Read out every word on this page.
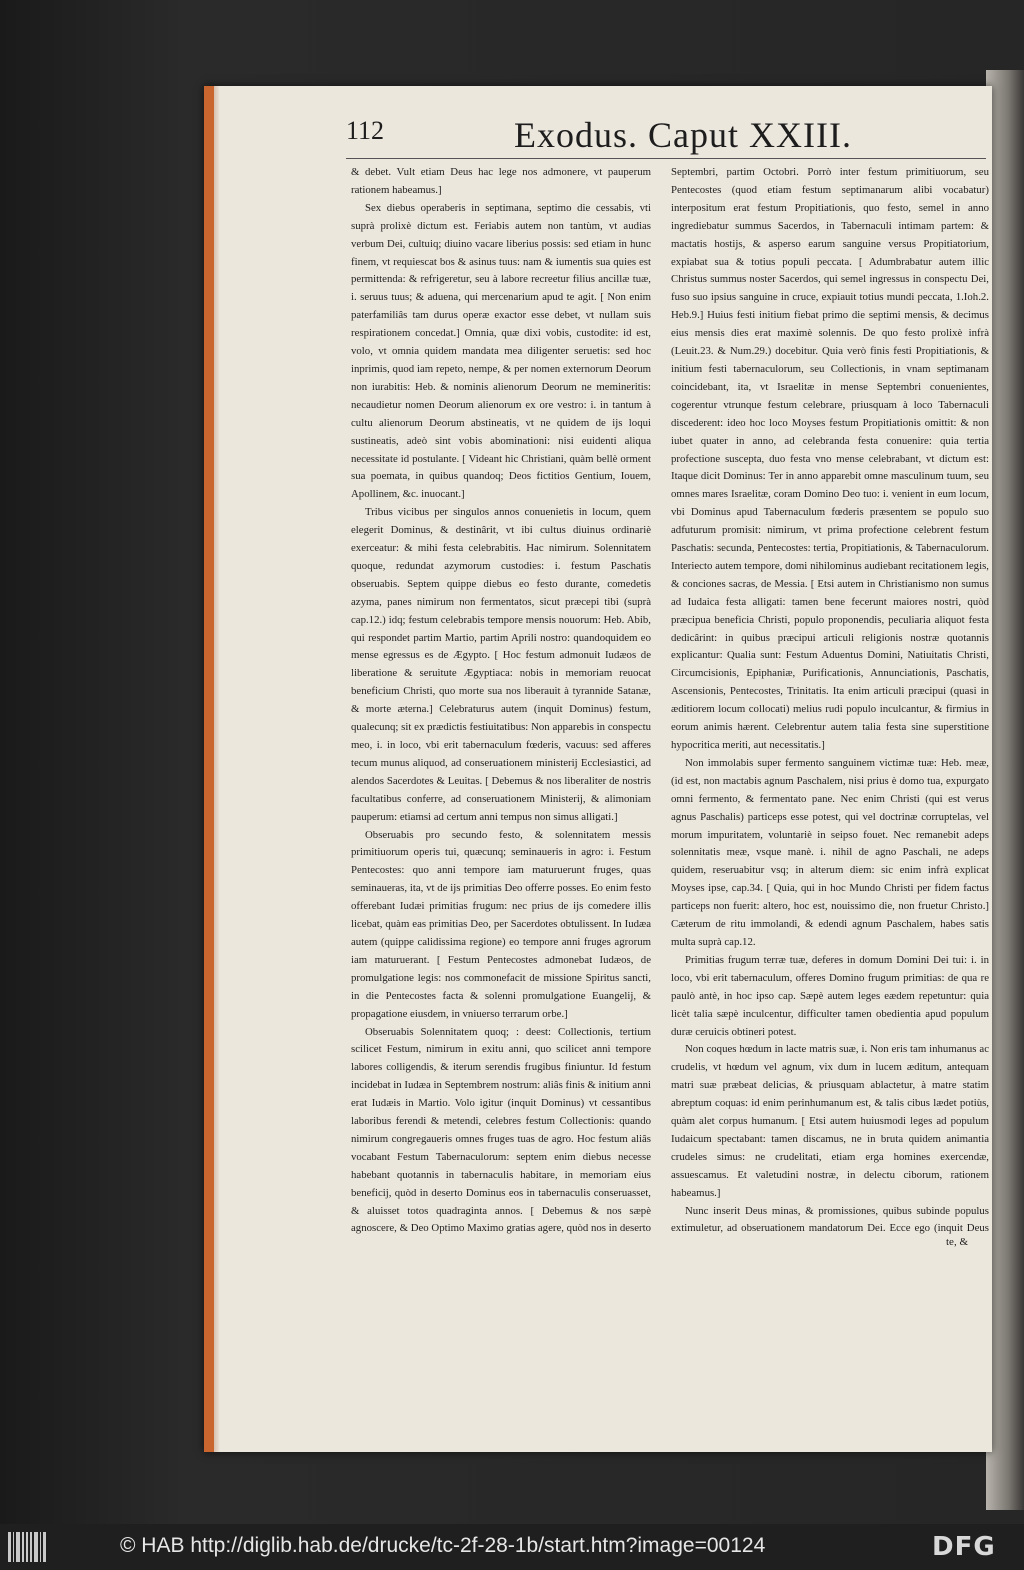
112	Exodus. Caput XXIII.

& debet. Vult etiam Deus hac lege nos admonere, vt pauperum rationem habeamus.]

Sex diebus operaberis in septimana, septimo die cessabis, vti suprà prolixè dictum est. Feriabis autem non tantùm, vt audias verbum Dei, cultuiq; diuino vacare liberius possis: sed etiam in hunc finem, vt requiescat bos & asinus tuus: nam & iumentis sua quies est permittenda: & refrigeretur, seu à labore recreetur filius ancillæ tuæ, i. seruus tuus; & aduena, qui mercenarium apud te agit. [ Non enim paterfamiliâs tam durus operæ exactor esse debet, vt nullam suis respirationem concedat.] Omnia, quæ dixi vobis, custodite: id est, volo, vt omnia quidem mandata mea diligenter seruetis: sed hoc inprimis, quod iam repeto, nempe, & per nomen externorum Deorum non iurabitis: Heb. & nominis alienorum Deorum ne memineritis: necaudietur nomen Deorum alienorum ex ore vestro: i. in tantum à cultu alienorum Deorum abstineatis, vt ne quidem de ijs loqui sustineatis, adeò sint vobis abominationi: nisi euidenti aliqua necessitate id postulante. [ Videant hic Christiani, quàm bellè orment sua poemata, in quibus quandoq; Deos fictitios Gentium, Iouem, Apollinem, &c. inuocant.]

Tribus vicibus per singulos annos conuenietis in locum, quem elegerit Dominus, & destinârit, vt ibi cultus diuinus ordinariè exerceatur: & mihi festa celebrabitis. Hac nimirum. Solennitatem quoque, redundat azymorum custodies: i. festum Paschatis obseruabis. Septem quippe diebus eo festo durante, comedetis azyma, panes nimirum non fermentatos, sicut præcepi tibi (suprà cap.12.) idq; festum celebrabis tempore mensis nouorum: Heb. Abib, qui respondet partim Martio, partim Aprili nostro: quandoquidem eo mense egressus es de Ægypto. [ Hoc festum admonuit Iudæos de liberatione & seruitute Ægyptiaca: nobis in memoriam reuocat beneficium Christi, quo morte sua nos liberauit à tyrannide Satanæ, & morte æterna.] Celebraturus autem (inquit Dominus) festum, qualecunq; sit ex prædictis festiuitatibus: Non apparebis in conspectu meo, i. in loco, vbi erit tabernaculum fœderis, vacuus: sed afferes tecum munus aliquod, ad conseruationem ministerij Ecclesiastici, ad alendos Sacerdotes & Leuitas. [ Debemus & nos liberaliter de nostris facultatibus conferre, ad conseruationem Ministerij, & alimoniam pauperum: etiamsi ad certum anni tempus non simus alligati.]

Obseruabis pro secundo festo, & solennitatem messis primitiuorum operis tui, quæcunq; seminaueris in agro: i. Festum Pentecostes: quo anni tempore iam maturuerunt fruges, quas seminaueras, ita, vt de ijs primitias Deo offerre posses. Eo enim festo offerebant Iudæi primitias frugum: nec prius de ijs comedere illis licebat, quàm eas primitias Deo, per Sacerdotes obtulissent. In Iudæa autem (quippe calidissima regione) eo tempore anni fruges agrorum iam maturuerant. [ Festum Pentecostes admonebat Iudæos, de promulgatione legis: nos commonefacit de missione Spiritus sancti, in die Pentecostes facta & solenni promulgatione Euangelij, & propagatione eiusdem, in vniuerso terrarum orbe.]

Obseruabis Solennitatem quoq; : deest: Collectionis, tertium scilicet Festum, nimirum in exitu anni, quo scilicet anni tempore labores colligendis, & iterum serendis frugibus finiuntur. Id festum incidebat in Iudæa in Septembrem nostrum: aliâs finis & initium anni erat Iudæis in Martio. Volo igitur (inquit Dominus) vt cessantibus laboribus ferendi & metendi, celebres festum Collectionis: quando nimirum congregaueris omnes fruges tuas de agro. Hoc festum aliâs vocabant Festum Tabernaculorum: septem enim diebus necesse habebant quotannis in tabernaculis habitare, in memoriam eius beneficij, quòd in deserto Dominus eos in tabernaculis conseruasset, & aluisset totos quadraginta annos. [ Debemus & nos sæpè agnoscere, & Deo Optimo Maximo gratias agere, quòd nos in deserto

Septembri, partim Octobri. Porrò inter festum primitiuorum, seu Pentecostes (quod etiam festum septimanarum alibi vocabatur) interpositum erat festum Propitiationis, quo festo, semel in anno ingrediebatur summus Sacerdos, in Tabernaculi intimam partem: & mactatis hostijs, & asperso earum sanguine versus Propitiatorium, expiabat sua & totius populi peccata. [ Adumbrabatur autem illic Christus summus noster Sacerdos, qui semel ingressus in conspectu Dei, fuso suo ipsius sanguine in cruce, expiauit totius mundi peccata, 1.Ioh.2. Heb.9.] Huius festi initium fiebat primo die septimi mensis, & decimus eius mensis dies erat maximè solennis. De quo festo prolixè infrà (Leuit.23. & Num.29.) docebitur. Quia verò finis festi Propitiationis, & initium festi tabernaculorum, seu Collectionis, in vnam septimanam coincidebant, ita, vt Israelitæ in mense Septembri conuenientes, cogerentur vtrunque festum celebrare, priusquam à loco Tabernaculi discederent: ideo hoc loco Moyses festum Propitiationis omittit: & non iubet quater in anno, ad celebranda festa conuenire: quia tertia profectione suscepta, duo festa vno mense celebrabant, vt dictum est: Itaque dicit Dominus: Ter in anno apparebit omne masculinum tuum, seu omnes mares Israelitæ, coram Domino Deo tuo: i. venient in eum locum, vbi Dominus apud Tabernaculum fœderis præsentem se populo suo adfuturum promisit: nimirum, vt prima profectione celebrent festum Paschatis: secunda, Pentecostes: tertia, Propitiationis, & Tabernaculorum. Interiecto autem tempore, domi nihilominus audiebant recitationem legis, & conciones sacras, de Messia. [ Etsi autem in Christianismo non sumus ad Iudaica festa alligati: tamen bene fecerunt maiores nostri, quòd præcipua beneficia Christi, populo proponendis, peculiaria aliquot festa dedicârint: in quibus præcipui articuli religionis nostræ quotannis explicantur: Qualia sunt: Festum Aduentus Domini, Natiuitatis Christi, Circumcisionis, Epiphaniæ, Purificationis, Annunciationis, Paschatis, Ascensionis, Pentecostes, Trinitatis. Ita enim articuli præcipui (quasi in æditiorem locum collocati) melius rudi populo inculcantur, & firmius in eorum animis hærent. Celebrentur autem talia festa sine superstitione hypocritica meriti, aut necessitatis.]

Non immolabis super fermento sanguinem victimæ tuæ: Heb. meæ, (id est, non mactabis agnum Paschalem, nisi prius è domo tua, expurgato omni fermento, & fermentato pane. Nec enim Christi (qui est verus agnus Paschalis) particeps esse potest, qui vel doctrinæ corruptelas, vel morum impuritatem, voluntariè in seipso fouet. Nec remanebit adeps solennitatis meæ, vsque manè. i. nihil de agno Paschali, ne adeps quidem, reseruabitur vsq; in alterum diem: sic enim infrà explicat Moyses ipse, cap.34. [ Quia, qui in hoc Mundo Christi per fidem factus particeps non fuerit: altero, hoc est, nouissimo die, non fruetur Christo.] Cæterum de ritu immolandi, & edendi agnum Paschalem, habes satis multa suprà cap.12.

Primitias frugum terræ tuæ, deferes in domum Domini Dei tui: i. in loco, vbi erit tabernaculum, offeres Domino frugum primitias: de qua re paulò antè, in hoc ipso cap. Sæpè autem leges eædem repetuntur: quia licèt talia sæpè inculcentur, difficulter tamen obedientia apud populum duræ ceruicis obtineri potest.

Non coques hœdum in lacte matris suæ, i. Non eris tam inhumanus ac crudelis, vt hœdum vel agnum, vix dum in lucem æditum, antequam matri suæ præbeat delicias, & priusquam ablactetur, à matre statim abreptum coquas: id enim perinhumanum est, & talis cibus lædet potiùs, quàm alet corpus humanum. [ Etsi autem huiusmodi leges ad populum Iudaicum spectabant: tamen discamus, ne in bruta quidem animantia crudeles simus: ne crudelitati, etiam erga homines exercendæ, assuescamus. Et valetudini nostræ, in delectu ciborum, rationem habeamus.]

Nunc inserit Deus minas, & promissiones, quibus subinde populus extimuletur, ad obseruationem mandatorum Dei. Ecce ego (inquit Deus

te, &
© HAB http://diglib.hab.de/drucke/tc-2f-28-1b/start.htm?image=00124	DFG
